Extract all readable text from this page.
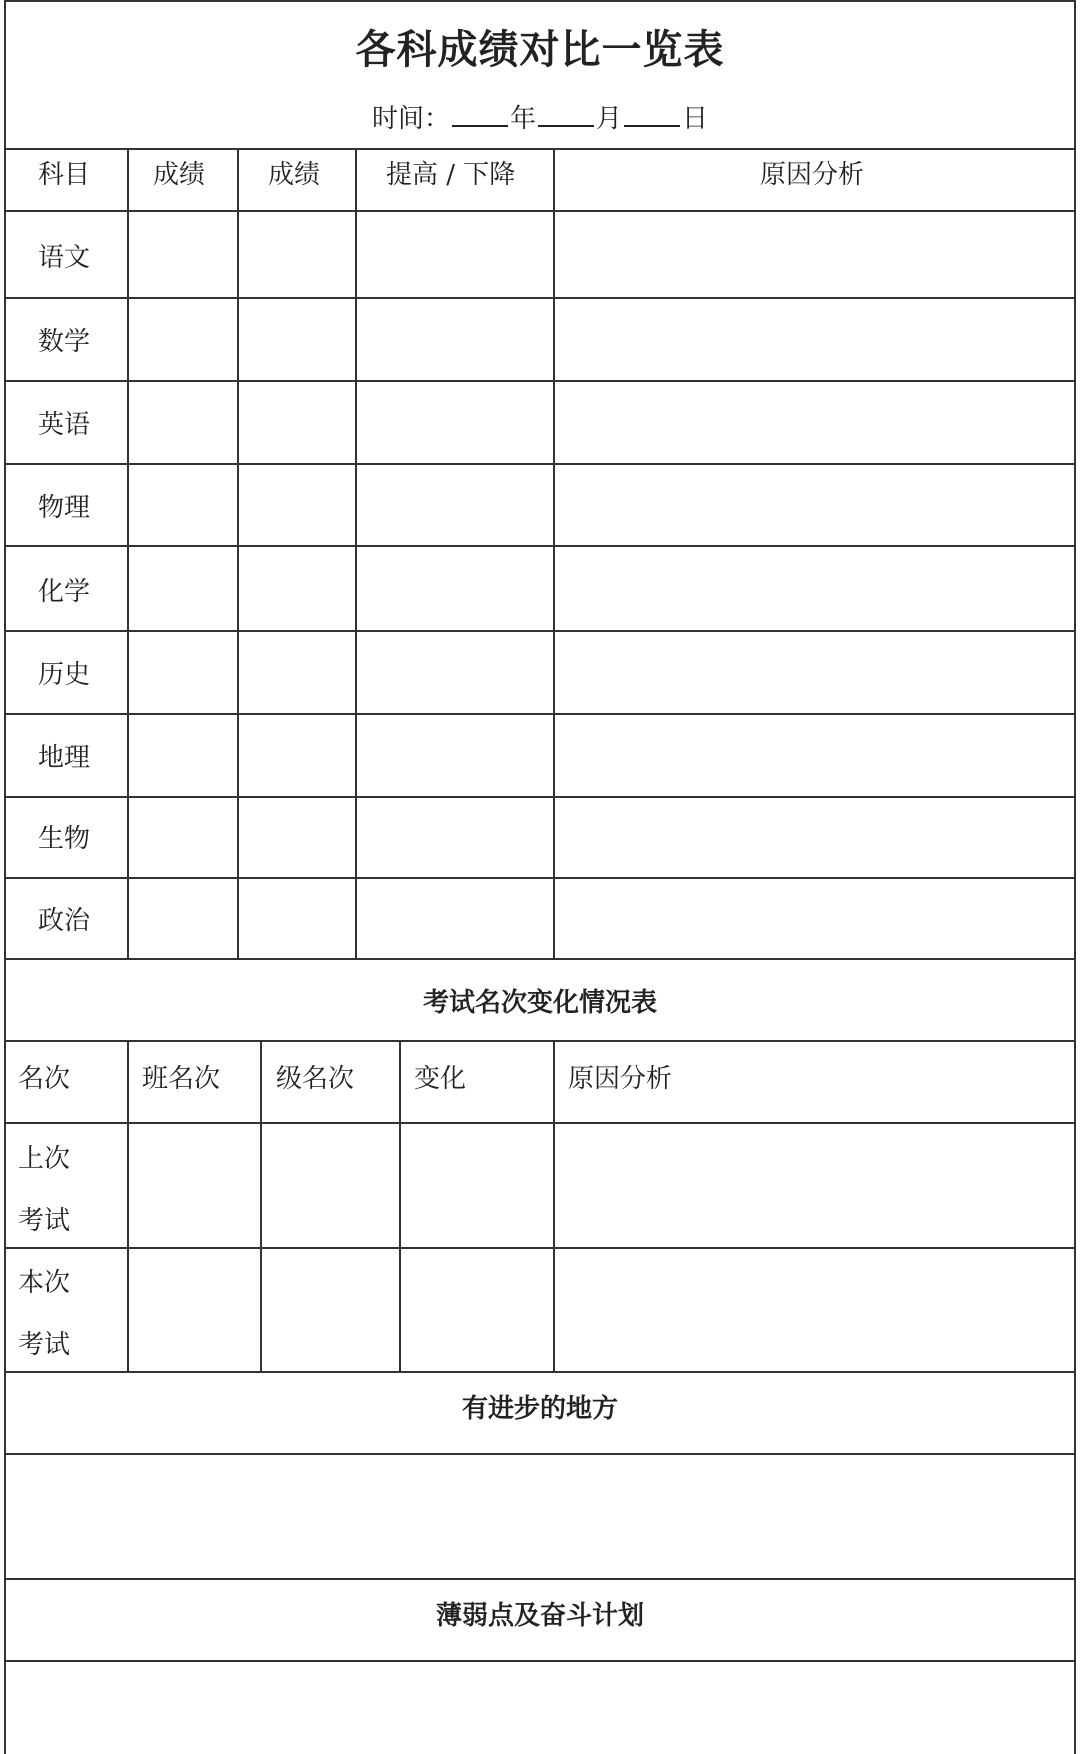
各科成绩对比一览表
时间： 年 月 日
科目 成绩 成绩	提高 / 下降	原因分析
语文
数学
英语
物理
化学
历史
地理
生物
政治
考试名次变化情况表
名次	班名次 级名次 变化	原因分析
上次
考试
本次
考试
有进步的地方
薄弱点及奋斗计划
